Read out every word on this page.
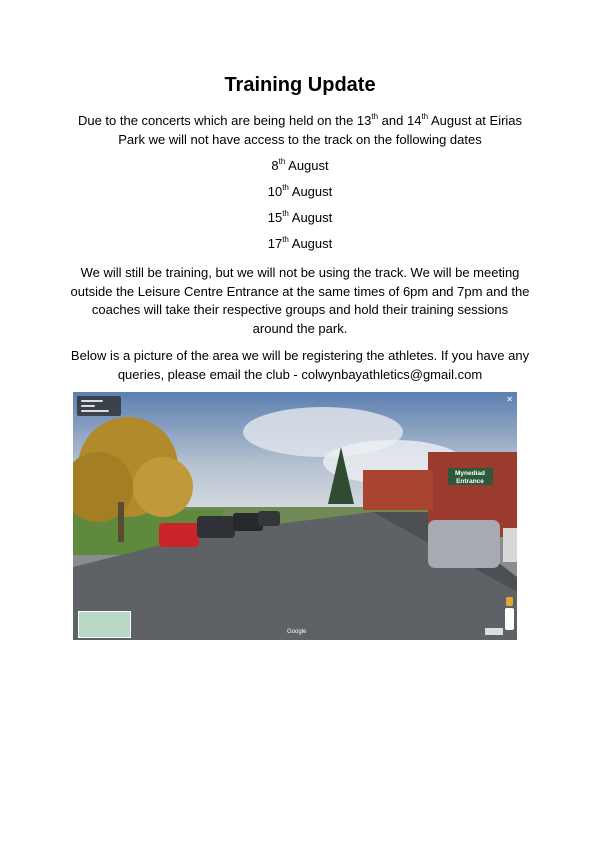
Training Update
Due to the concerts which are being held on the 13th and 14th August at Eirias Park we will not have access to the track on the following dates
8th August
10th August
15th August
17th August
We will still be training, but we will not be using the track. We will be meeting outside the Leisure Centre Entrance at the same times of 6pm and 7pm and the coaches will take their respective groups and hold their training sessions around the park.
Below is a picture of the area we will be registering the athletes. If you have any queries, please email the club - colwynbayathletics@gmail.com
Mynediad
Entrance
✕
Google
